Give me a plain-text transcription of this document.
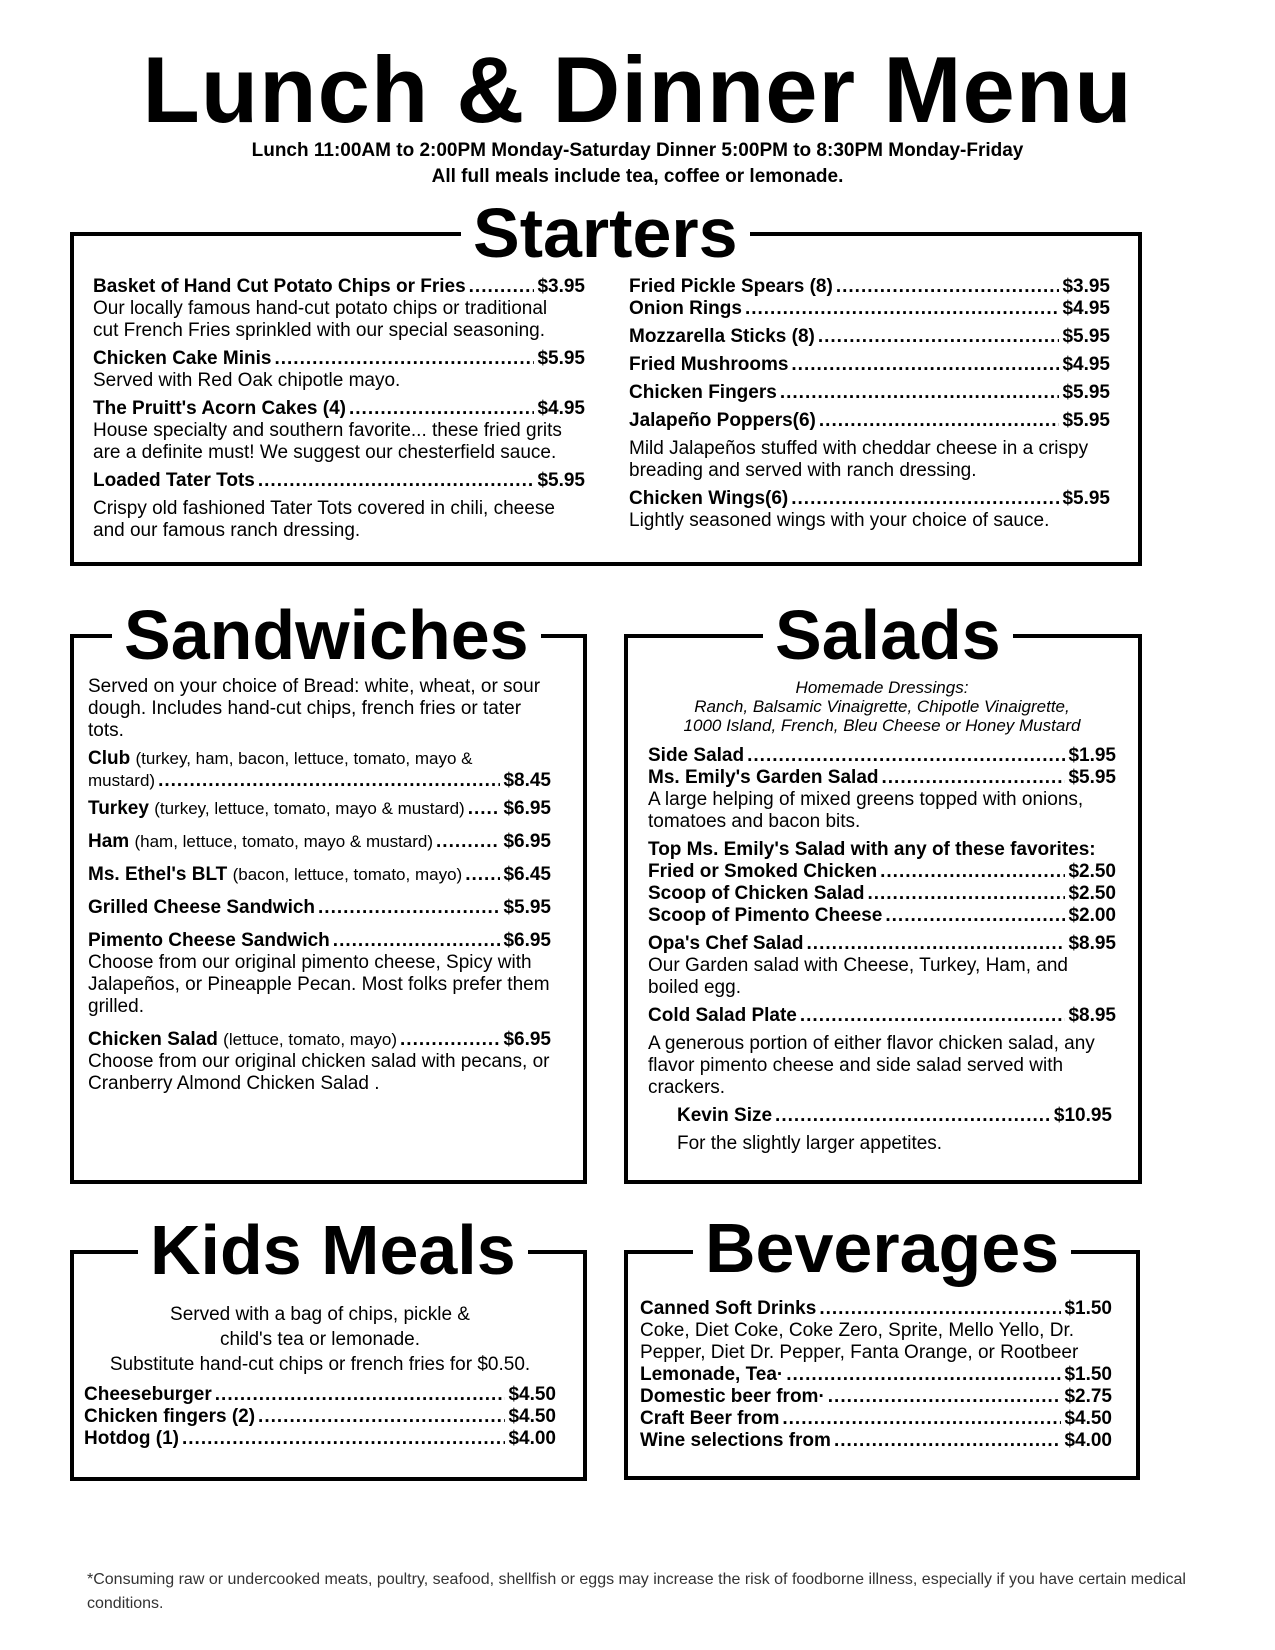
Lunch & Dinner Menu
Lunch 11:00AM to 2:00PM Monday-Saturday Dinner 5:00PM to 8:30PM Monday-Friday
All full meals include tea, coffee or lemonade.
Starters
Basket of Hand Cut Potato Chips or Fries .....	$3.95
Our locally famous hand-cut potato chips or traditional cut French Fries sprinkled with our special seasoning.
Chicken Cake Minis .....	$5.95
Served with Red Oak chipotle mayo.
The Pruitt's Acorn Cakes (4) .....	$4.95
House specialty and southern favorite... these fried grits are a definite must! We suggest our chesterfield sauce.
Loaded Tater Tots .....	$5.95
Crispy old fashioned Tater Tots covered in chili, cheese and our famous ranch dressing.
Fried Pickle Spears (8) .....	$3.95
Onion Rings .....	$4.95
Mozzarella Sticks (8) .....	$5.95
Fried Mushrooms .....	$4.95
Chicken Fingers .....	$5.95
Jalapeño Poppers(6) .....	$5.95
Mild Jalapeños stuffed with cheddar cheese in a crispy breading and served with ranch dressing.
Chicken Wings(6) .....	$5.95
Lightly seasoned wings with your choice of sauce.
Sandwiches
Served on your choice of Bread: white, wheat, or sour dough. Includes hand-cut chips, french fries or tater tots.
Club (turkey, ham, bacon, lettuce, tomato, mayo &
mustard) .....	$8.45
Turkey (turkey, lettuce, tomato, mayo & mustard) ..... $6.95
Ham (ham, lettuce, tomato, mayo & mustard) .....	$6.95
Ms. Ethel's BLT (bacon, lettuce, tomato, mayo) ..... $6.45
Grilled Cheese Sandwich .....	$5.95
Pimento Cheese Sandwich .....	$6.95
Choose from our original pimento cheese, Spicy with Jalapeños, or Pineapple Pecan. Most folks prefer them grilled.
Chicken Salad (lettuce, tomato, mayo) .....	$6.95
Choose from our original chicken salad with pecans, or Cranberry Almond Chicken Salad .
Salads
Homemade Dressings:
Ranch, Balsamic Vinaigrette, Chipotle Vinaigrette,
1000 Island, French, Bleu Cheese or Honey Mustard
Side Salad .....	$1.95
Ms. Emily's Garden Salad .....	$5.95
A large helping of mixed greens topped with onions, tomatoes and bacon bits.
Top Ms. Emily's Salad with any of these favorites:
Fried or Smoked Chicken .....	$2.50
Scoop of Chicken Salad .....	$2.50
Scoop of Pimento Cheese .....	$2.00
Opa's Chef Salad .....	$8.95
Our Garden salad with Cheese, Turkey, Ham, and boiled egg.
Cold Salad Plate .....	$8.95
A generous portion of either flavor chicken salad, any flavor pimento cheese and side salad served with crackers.
Kevin Size .....	$10.95
For the slightly larger appetites.
Kids Meals
Served with a bag of chips, pickle &
child's tea or lemonade.
Substitute hand-cut chips or french fries for $0.50.
Cheeseburger .....	$4.50
Chicken fingers (2) .....	$4.50
Hotdog (1) .....	$4.00
Beverages
Canned Soft Drinks .....	$1.50
Coke, Diet Coke, Coke Zero, Sprite, Mello Yello, Dr. Pepper, Diet Dr. Pepper, Fanta Orange, or Rootbeer
Lemonade, Tea· .....	$1.50
Domestic beer from· .....	$2.75
Craft Beer from .....	$4.50
Wine selections from .....	$4.00
*Consuming raw or undercooked meats, poultry, seafood, shellfish or eggs may increase the risk of foodborne illness, especially if you have certain medical conditions.
